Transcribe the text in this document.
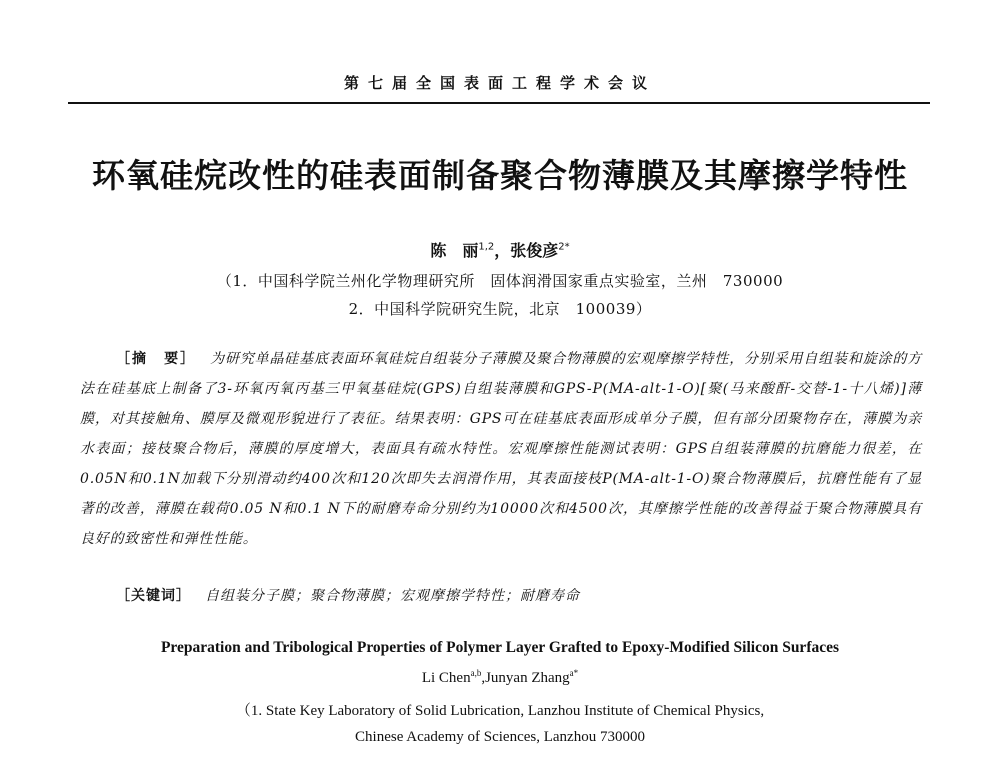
第七届全国表面工程学术会议
环氧硅烷改性的硅表面制备聚合物薄膜及其摩擦学特性
陈　丽$^{1,2}$，张俊彦$^{2*}$
（1．中国科学院兰州化学物理研究所　固体润滑国家重点实验室，兰州　730000
2．中国科学院研究生院，北京　100039）

［摘　要］ 为研究单晶硅基底表面环氧硅烷自组装分子薄膜及聚合物薄膜的宏观摩擦学特性，分别采用自组装和旋涂的方法在硅基底上制备了3-环氧丙氧丙基三甲氧基硅烷(GPS)自组装薄膜和GPS-P(MA-alt-1-O)[聚(马来酸酐-交替-1-十八烯)]薄膜，对其接触角、膜厚及微观形貌进行了表征。结果表明：GPS可在硅基底表面形成单分子膜，但有部分团聚物存在，薄膜为亲水表面；接枝聚合物后，薄膜的厚度增大，表面具有疏水特性。宏观摩擦性能测试表明：GPS自组装薄膜的抗磨能力很差，在0.05N和0.1N加载下分别滑动约400次和120次即失去润滑作用，其表面接枝P(MA-alt-1-O)聚合物薄膜后，抗磨性能有了显著的改善，薄膜在载荷0.05 N和0.1 N下的耐磨寿命分别约为10000次和4500次，其摩擦学性能的改善得益于聚合物薄膜具有良好的致密性和弹性性能。

［关键词］ 自组装分子膜；聚合物薄膜；宏观摩擦学特性；耐磨寿命

Preparation and Tribological Properties of Polymer Layer Grafted to Epoxy-Modified Silicon Surfaces
Li Chen$^{a,b}$,Junyan Zhang$^{a*}$
（1. State Key Laboratory of Solid Lubrication, Lanzhou Institute of Chemical Physics,
Chinese Academy of Sciences, Lanzhou 730000
